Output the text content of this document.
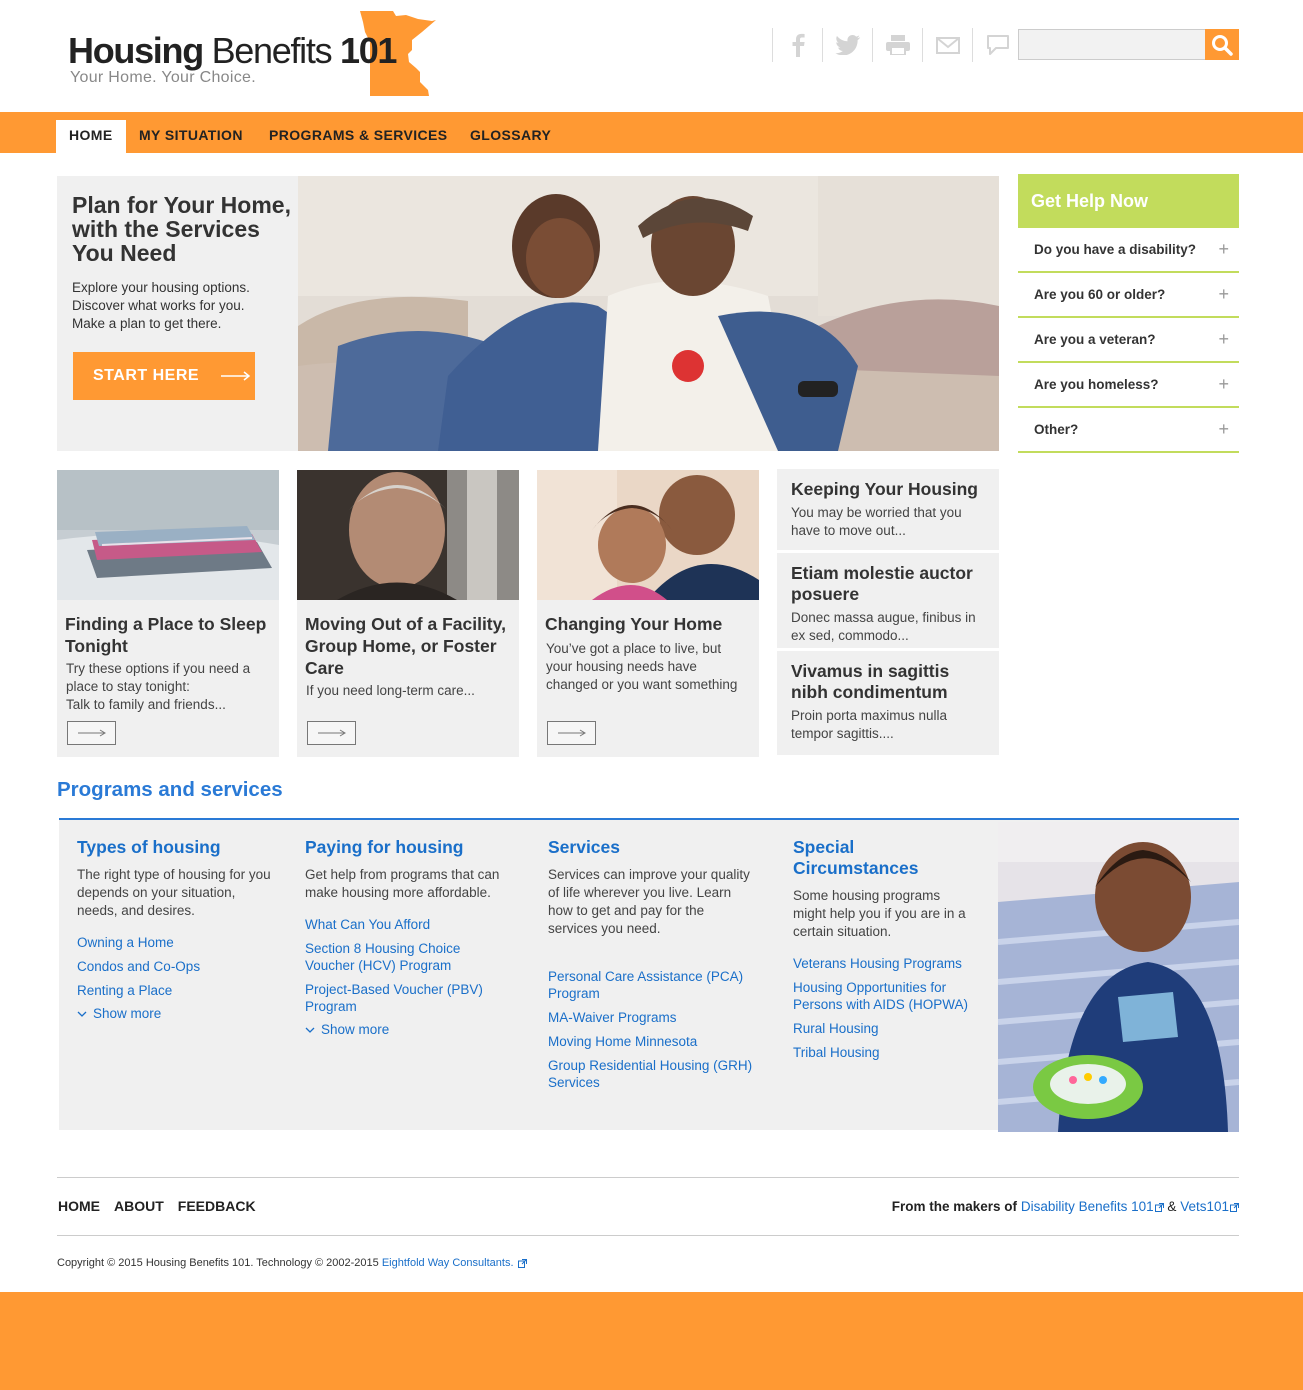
Housing Benefits 101
Your Home. Your Choice.
HOME	MY SITUATION	PROGRAMS & SERVICES	GLOSSARY
Plan for Your Home, with the Services You Need
Explore your housing options.
Discover what works for you.
Make a plan to get there.
START HERE
Get Help Now
Do you have a disability? +
Are you 60 or older?	+
Are you a veteran?	+
Are you homeless?	+
Other?	+
Finding a Place to Sleep Tonight
Try these options if you need a place to stay tonight:
Talk to family and friends...
Moving Out of a Facility, Group Home, or Foster Care
If you need long-term care...
Changing Your Home
You’ve got a place to live, but your housing needs have changed or you want something
Keeping Your Housing
You may be worried that you have to move out...
Etiam molestie auctor posuere
Donec massa augue, finibus in ex sed, commodo...
Vivamus in sagittis nibh condimentum
Proin porta maximus nulla tempor sagittis....
Programs and services
Types of housing
The right type of housing for you depends on your situation, needs, and desires.
Owning a Home
Condos and Co-Ops
Renting a Place
Show more
Paying for housing
Get help from programs that can make housing more affordable.
What Can You Afford
Section 8 Housing Choice Voucher (HCV) Program
Project-Based Voucher (PBV) Program
Show more
Services
Services can improve your quality of life wherever you live. Learn how to get and pay for the services you need.
Personal Care Assistance (PCA) Program
MA-Waiver Programs
Moving Home Minnesota
Group Residential Housing (GRH) Services
Special Circumstances
Some housing programs might help you if you are in a certain situation.
Veterans Housing Programs
Housing Opportunities for Persons with AIDS (HOPWA)
Rural Housing
Tribal Housing
HOME ABOUT FEEDBACK	From the makers of Disability Benefits 101 & Vets101
Copyright © 2015 Housing Benefits 101. Technology © 2002-2015 Eightfold Way Consultants.
